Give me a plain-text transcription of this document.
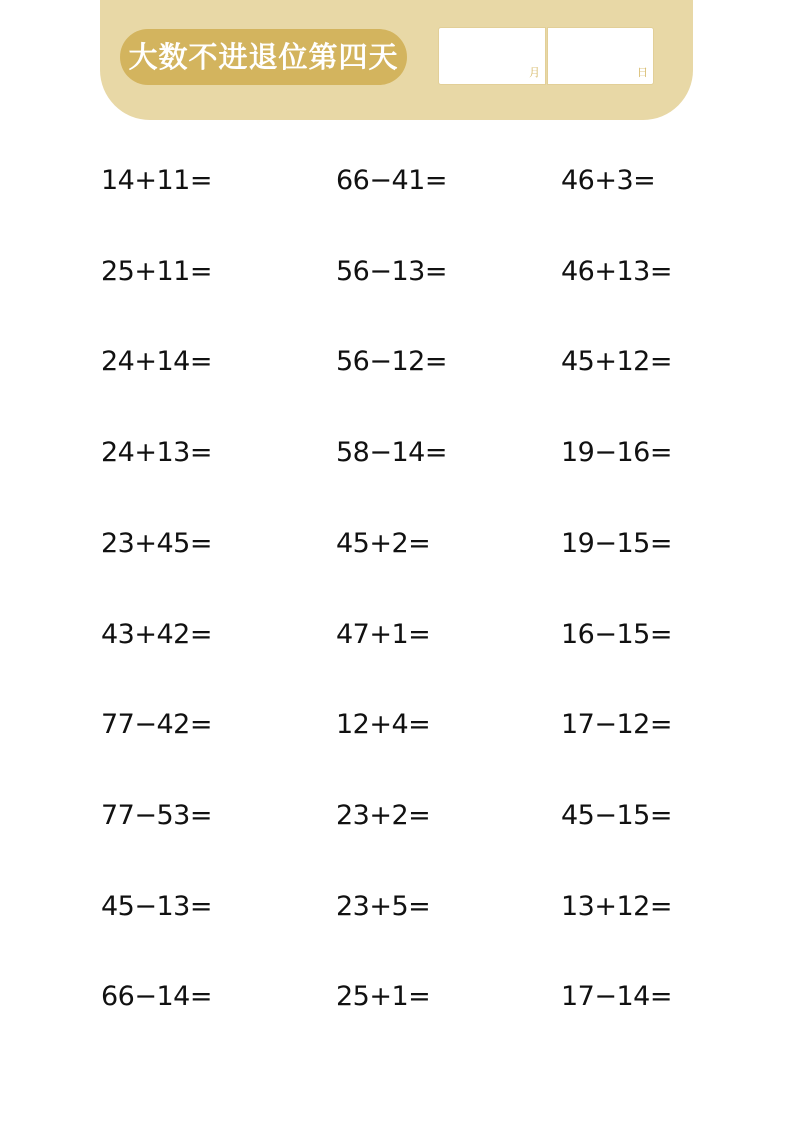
大数不进退位第四天	月	日
14+11=
25+11=
24+14=
24+13=
23+45=
43+42=
77−42=
77−53=
45−13=
66−14=
66−41=
56−13=
56−12=
58−14=
45+2=
47+1=
12+4=
23+2=
23+5=
25+1=
46+3=
46+13=
45+12=
19−16=
19−15=
16−15=
17−12=
45−15=
13+12=
17−14=
